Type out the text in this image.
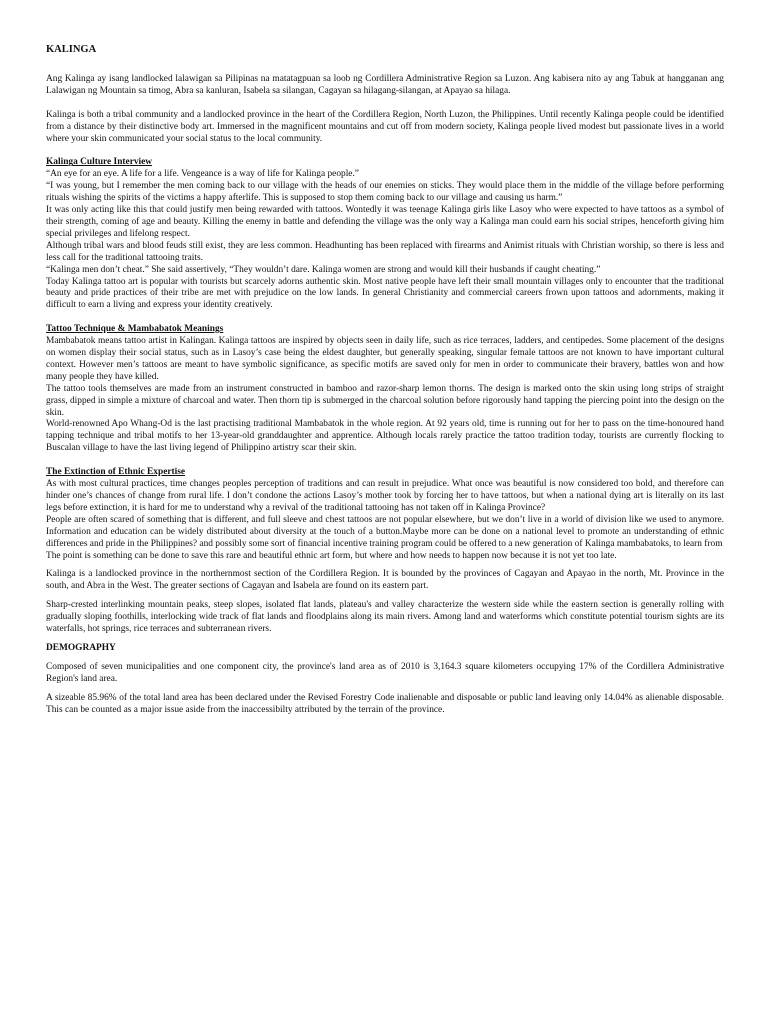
KALINGA

Ang Kalinga ay isang landlocked lalawigan sa Pilipinas na matatagpuan sa loob ng Cordillera Administrative Region sa Luzon. Ang kabisera nito ay ang Tabuk at hangganan ang Lalawigan ng Mountain sa timog, Abra sa kanluran, Isabela sa silangan, Cagayan sa hilagang-silangan, at Apayao sa hilaga.

Kalinga is both a tribal community and a landlocked province in the heart of the Cordillera Region, North Luzon, the Philippines. Until recently Kalinga people could be identified from a distance by their distinctive body art. Immersed in the magnificent mountains and cut off from modern society, Kalinga people lived modest but passionate lives in a world where your skin communicated your social status to the local community.

Kalinga Culture Interview

“An eye for an eye. A life for a life. Vengeance is a way of life for Kalinga people.”

“I was young, but I remember the men coming back to our village with the heads of our enemies on sticks. They would place them in the middle of the village before performing rituals wishing the spirits of the victims a happy afterlife. This is supposed to stop them coming back to our village and causing us harm.”

It was only acting like this that could justify men being rewarded with tattoos. Wontedly it was teenage Kalinga girls like Lasoy who were expected to have tattoos as a symbol of their strength, coming of age and beauty. Killing the enemy in battle and defending the village was the only way a Kalinga man could earn his social stripes, henceforth giving him special privileges and lifelong respect.

Although tribal wars and blood feuds still exist, they are less common. Headhunting has been replaced with firearms and Animist rituals with Christian worship, so there is less and less call for the traditional tattooing traits.

“Kalinga men don’t cheat.” She said assertively, “They wouldn’t dare. Kalinga women are strong and would kill their husbands if caught cheating.”

Today Kalinga tattoo art is popular with tourists but scarcely adorns authentic skin. Most native people have left their small mountain villages only to encounter that the traditional beauty and pride practices of their tribe are met with prejudice on the low lands. In general Christianity and commercial careers frown upon tattoos and adornments, making it difficult to earn a living and express your identity creatively.

Tattoo Technique & Mambabatok Meanings

Mambabatok means tattoo artist in Kalingan. Kalinga tattoos are inspired by objects seen in daily life, such as rice terraces, ladders, and centipedes. Some placement of the designs on women display their social status, such as in Lasoy’s case being the eldest daughter, but generally speaking, singular female tattoos are not known to have important cultural context. However men’s tattoos are meant to have symbolic significance, as specific motifs are saved only for men in order to communicate their bravery, battles won and how many people they have killed.

The tattoo tools themselves are made from an instrument constructed in bamboo and razor-sharp lemon thorns. The design is marked onto the skin using long strips of straight grass, dipped in simple a mixture of charcoal and water. Then thorn tip is submerged in the charcoal solution before rigorously hand tapping the piercing point into the design on the skin.

World-renowned Apo Whang-Od is the last practising traditional Mambabatok in the whole region. At 92 years old, time is running out for her to pass on the time-honoured hand tapping technique and tribal motifs to her 13-year-old granddaughter and apprentice. Although locals rarely practice the tattoo tradition today, tourists are currently flocking to Buscalan village to have the last living legend of Philippino artistry scar their skin.

The Extinction of Ethnic Expertise

As with most cultural practices, time changes peoples perception of traditions and can result in prejudice. What once was beautiful is now considered too bold, and therefore can hinder one’s chances of change from rural life. I don’t condone the actions Lasoy’s mother took by forcing her to have tattoos, but when a national dying art is literally on its last legs before extinction, it is hard for me to understand why a revival of the traditional tattooing has not taken off in Kalinga Province?

People are often scared of something that is different, and full sleeve and chest tattoos are not popular elsewhere, but we don’t live in a world of division like we used to anymore. Information and education can be widely distributed about diversity at the touch of a button.Maybe more can be done on a national level to promote an understanding of ethnic differences and pride in the Philippines? and possibly some sort of financial incentive training program could be offered to a new generation of Kalinga mambabatoks, to learn from

The point is something can be done to save this rare and beautiful ethnic art form, but where and how needs to happen now because it is not yet too late.

Kalinga is a landlocked province in the northernmost section of the Cordillera Region. It is bounded by the provinces of Cagayan and Apayao in the north, Mt. Province in the south, and Abra in the West. The greater sections of Cagayan and Isabela are found on its eastern part.

Sharp-crested interlinking mountain peaks, steep slopes, isolated flat lands, plateau's and valley characterize the western side while the eastern section is generally rolling with gradually sloping foothills, interlocking wide track of flat lands and floodplains along its main rivers. Among land and waterforms which constitute potential tourism sights are its waterfalls, hot springs, rice terraces and subterranean rivers.

DEMOGRAPHY

Composed of seven municipalities and one component city, the province's land area as of 2010 is 3,164.3 square kilometers occupying 17% of the Cordillera Administrative Region's land area.

A sizeable 85.96% of the total land area has been declared under the Revised Forestry Code inalienable and disposable or public land leaving only 14.04% as alienable disposable. This can be counted as a major issue aside from the inaccessibilty attributed by the terrain of the province.
